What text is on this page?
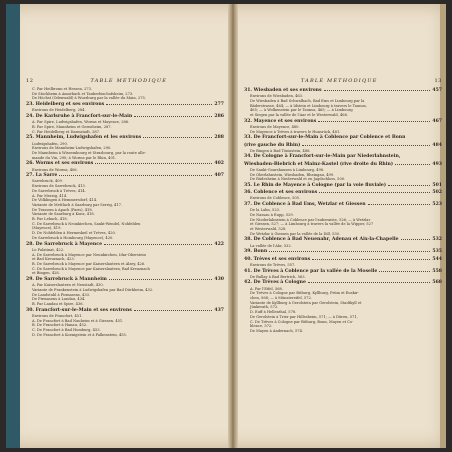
12	TABLE MÉTHODIQUE
C. Par Heilbronn et Hessen, 273.
De Stockheim à Amorbach et Tauberbischofsheim, 273.
De Höchst (Odenwald) à Wurzburg par la vallée du Main, 275.
23. Heidelberg et ses environs	277
Environs de Heidelberg, 284.
24. De Karlsruhe à Francfort-sur-le-Main	286
A. Par Spire, Ludwigshafen, Worms et Mayence, 286.
B. Par Spire, Mannheim et Gernsheim, 287.
C. Par Heidelberg et Darmstadt, 287.
25. Mannheim, Ludwigshafen et les environs	288
Ludwigshafen, 290.
Environs de Mannheim-Ludwigshafen, 290.
De Mannheim à Wissembourg et Strasbourg, par la route alle-
mande du Vin, 290; à Worms par le Rhin, 401.
26. Worms et ses environs	402
Environs de Worms, 406.
27. La Sarre	407
Sarrebruck, 409.
Environs de Sarrebruck, 413.
De Sarrebruck à Trèves, 414.
A. Par Merzig, 414.
De Völklingen à Hemmersdorf, 414.
Variante de Mettlach à Saarburg par Serrig, 417.
De Trassem à Apach (Paris), 418.
Variante de Saarburg à Konz, 418.
B. Par Lebach, 418.
C. De Sarrebruck à Neunkirchen, Sankt-Wendel, Nohfelden
(Mayence), 419.
D. De Nohfelden à Hermeskeil et Trèves, 420.
De Sarrebruck à Hombourg (Mayence), 420.
28. De Sarrebruck à Mayence	422
Le Palatinat, 422.
A. De Sarrebruck à Mayence par Neunkirchen, Idar-Oberstein
et Bad Kreuznach, 423.
B. De Sarrebruck à Mayence par Kaiserslautern et Alzey, 426.
C. De Sarrebruck à Mayence par Kaiserslautern, Bad Kreuznach
et Bingen, 428.
29. De Sarrebruck à Mannheim	430
A. Par Kaiserslautern et Neustadt, 430.
Variante de Frankenstein à Ludwigshafen par Bad Dürkheim, 432.
De Landstuhl à Pirmasens, 433.
De Pirmasens à Landau, 434.
B. Par Landau et Spire, 436.
30. Francfort-sur-le-Main et ses environs	437
Environs de Francfort, 451.
A. De Francfort à Bad Nauheim et à Giessen, 451.
B. De Francfort à Hanau, 452.
C. De Francfort à Bad Homburg, 453.
D. De Francfort à Koenigstein et à Falkenstein, 455.
TABLE MÉTHODIQUE	13
31. Wiesbaden et ses environs	457
Environs de Wiesbaden, 463.
De Wiesbaden à Bad Schwalbach, Bad Ems et Limbourg par la
Bäderstrasse, 464; — à Idstein et Limbourg à travers le Taunus,
465; — à Wolkenstein par le Taunus, 465; — à Limbourg
et Siegen par la vallée de l'Aar et le Westerwald, 466.
32. Mayence et ses environs	467
Environs de Mayence, 480.
De Mayence à Trèves à travers le Hunsrück, 481.
33. De Francfort-sur-le-Main à Coblence par Coblence et Bonn
(rive gauche du Rhin)	484
De Bingen à Bad Tönisstein, 488.
34. De Cologne à Francfort-sur-le-Main par Niederlahnstein,
Wiesbaden-Biebrich et Mainz-Kastel (rive droite du Rhin)	493
De Sankt-Goarshausen à Limbourg, 498.
De Oberlahnstein, Wiesbaden, Rheingau, 499.
De Rüdesheim à Niederwald et en Jagdschloss, 500.
35. Le Rhin de Mayence à Cologne (par la voie fluviale)	501
36. Coblence et ses environs	502
Environs de Coblence, 505.
37. De Coblence à Bad Ems, Wetzlar et Giessen	523
De la Lahn, 523.
De Nassau à Eupp, 529.
De Niederlahnstein à Coblence par l'auberaiste, 526; — à Wetzlar
et Giessen, 527; — à Limbourg à travers la vallée de la Wipper, 527
et Westerwald, 528.
De Wetzlar à Giessen par la vallée de la Dill, 530.
38. De Coblence à Bad Neuenahr, Adenau et Aix-la-Chapelle	532
La vallée de l'Ahr, 532.
39. Bonn	535
40. Trèves et ses environs	544
Environs de Trèves, 557.
41. De Trèves à Coblence par la vallée de la Moselle	558
De Bullay à Bad Bertrich, 563.
42. De Trèves à Cologne	568
A. Par l'Eifel, 568.
De Trèves à Cologne par Bitburg, Kyllburg, Prüm et Euskir-
chen, 568; — à Münstereifel, 572.
Variante de Kyllburg à Gerolstein par Gerolstein, Stadtkyll et
Jünkerath, 572.
D. Euff à Hellenthal, 578.
De Gerolstein à Trier par Hillesheim, 571; — à Düren, 571,
C. De Trèves à Cologne par Bitburg, Bonn, Mayen et Co-
blence, 572.
De Mayen à Andernach, 574.
